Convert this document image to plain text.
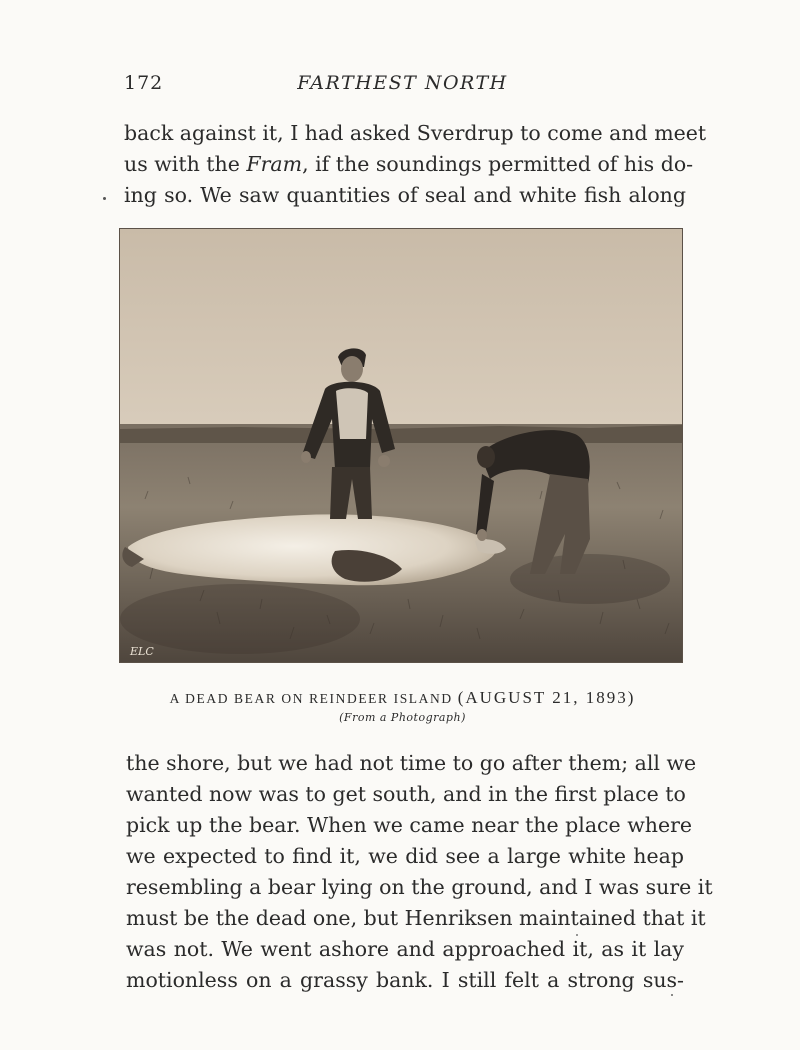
172	FARTHEST NORTH
back against it, I had asked Sverdrup to come and meet
us with the Fram, if the soundings permitted of his do-
ing so. We saw quantities of seal and white fish along
ELC
A DEAD BEAR ON REINDEER ISLAND (AUGUST 21, 1893)
(From a Photograph)
the shore, but we had not time to go after them; all we
wanted now was to get south, and in the first place to
pick up the bear. When we came near the place where
we expected to find it, we did see a large white heap
resembling a bear lying on the ground, and I was sure it
must be the dead one, but Henriksen maintained that it
was not. We went ashore and approached it, as it lay
motionless on a grassy bank. I still felt a strong sus-
